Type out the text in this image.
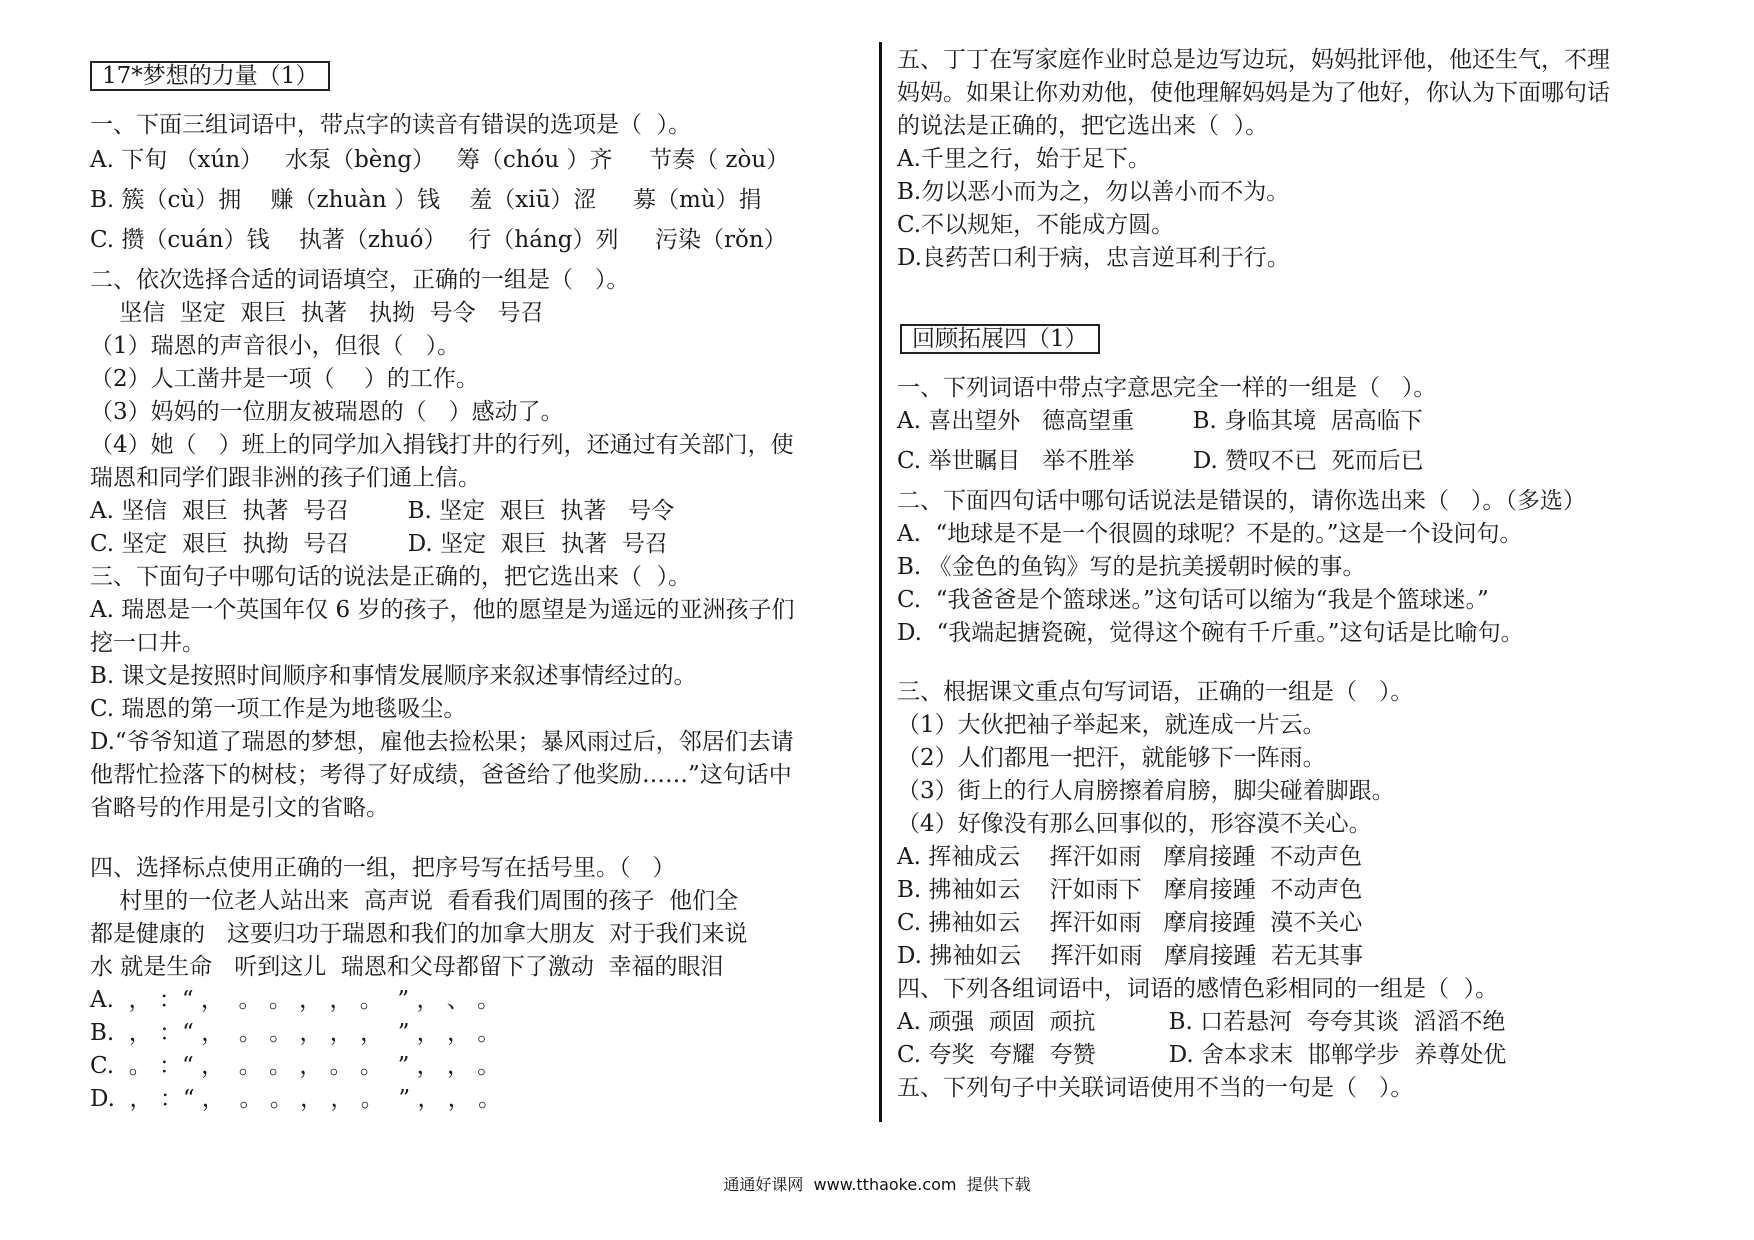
17*梦想的力量（1）
一、下面三组词语中，带点字的读音有错误的选项是（  ）。
A. 下旬 （xún）   水泵（bèng）   筹（chóu ）齐     节奏（ zòu）
B. 簇（cù）拥    赚（zhuàn ）钱    羞（xiū）涩     募（mù）捐
C. 攒（cuán）钱    执著（zhuó）   行（háng）列     污染（rǒn）
二、依次选择合适的词语填空，正确的一组是（   ）。
坚信  坚定  艰巨  执著   执拗  号令   号召
（1）瑞恩的声音很小，但很（   ）。
（2）人工凿井是一项（    ）的工作。
（3）妈妈的一位朋友被瑞恩的（   ）感动了。
（4）她（   ）班上的同学加入捐钱打井的行列，还通过有关部门，使
瑞恩和同学们跟非洲的孩子们通上信。
A. 坚信  艰巨  执著  号召        B. 坚定  艰巨  执著   号令
C. 坚定  艰巨  执拗  号召        D. 坚定  艰巨  执著  号召
三、下面句子中哪句话的说法是正确的，把它选出来（  ）。
A. 瑞恩是一个英国年仅 6 岁的孩子，他的愿望是为遥远的亚洲孩子们
挖一口井。
B. 课文是按照时间顺序和事情发展顺序来叙述事情经过的。
C. 瑞恩的第一项工作是为地毯吸尘。
D.“爷爷知道了瑞恩的梦想，雇他去捡松果；暴风雨过后，邻居们去请
他帮忙捡落下的树枝；考得了好成绩，爸爸给了他奖励……”这句话中
省略号的作用是引文的省略。
四、选择标点使用正确的一组，把序号写在括号里。（   ）
村里的一位老人站出来  高声说  看看我们周围的孩子  他们全
都是健康的   这要归功于瑞恩和我们的加拿大朋友  对于我们来说
水 就是生命   听到这儿  瑞恩和父母都留下了激动  幸福的眼泪
A.  ， ：“ ，  。 。 ， ， 。  ” ， 、 。
B.  ， ：“ ，  。 。 ， ， ，  ” ， ， 。
C.  。 ：“ ，  。 。 ， 。 。  ” ， ， 。
D.  ， ：“ ，  。 。 ， ， 。  ” ， ， 。
五、丁丁在写家庭作业时总是边写边玩，妈妈批评他，他还生气，不理
妈妈。如果让你劝劝他，使他理解妈妈是为了他好，你认为下面哪句话
的说法是正确的，把它选出来（  ）。
A.千里之行，始于足下。
B.勿以恶小而为之，勿以善小而不为。
C.不以规矩，不能成方圆。
D.良药苦口利于病，忠言逆耳利于行。
回顾拓展四（1）
一、下列词语中带点字意思完全一样的一组是（   ）。
A. 喜出望外   德高望重        B. 身临其境  居高临下
C. 举世瞩目   举不胜举        D. 赞叹不已  死而后已
二、下面四句话中哪句话说法是错误的，请你选出来（   ）。（多选）
A.  “地球是不是一个很圆的球呢？不是的。”这是一个设问句。
B. 《金色的鱼钩》写的是抗美援朝时候的事。
C.  “我爸爸是个篮球迷。”这句话可以缩为“我是个篮球迷。”
D.  “我端起搪瓷碗，觉得这个碗有千斤重。”这句话是比喻句。
三、根据课文重点句写词语，正确的一组是（   ）。
（1）大伙把袖子举起来，就连成一片云。
（2）人们都甩一把汗，就能够下一阵雨。
（3）街上的行人肩膀擦着肩膀，脚尖碰着脚跟。
（4）好像没有那么回事似的，形容漠不关心。
A. 挥袖成云    挥汗如雨   摩肩接踵  不动声色
B. 拂袖如云    汗如雨下   摩肩接踵  不动声色
C. 拂袖如云    挥汗如雨   摩肩接踵  漠不关心
D. 拂袖如云    挥汗如雨   摩肩接踵  若无其事
四、下列各组词语中，词语的感情色彩相同的一组是（  ）。
A. 顽强  顽固  顽抗          B. 口若悬河  夸夸其谈  滔滔不绝
C. 夸奖  夸耀  夸赞          D. 舍本求末  邯郸学步  养尊处优
五、下列句子中关联词语使用不当的一句是（   ）。
通通好课网  www.tthaoke.com  提供下载
